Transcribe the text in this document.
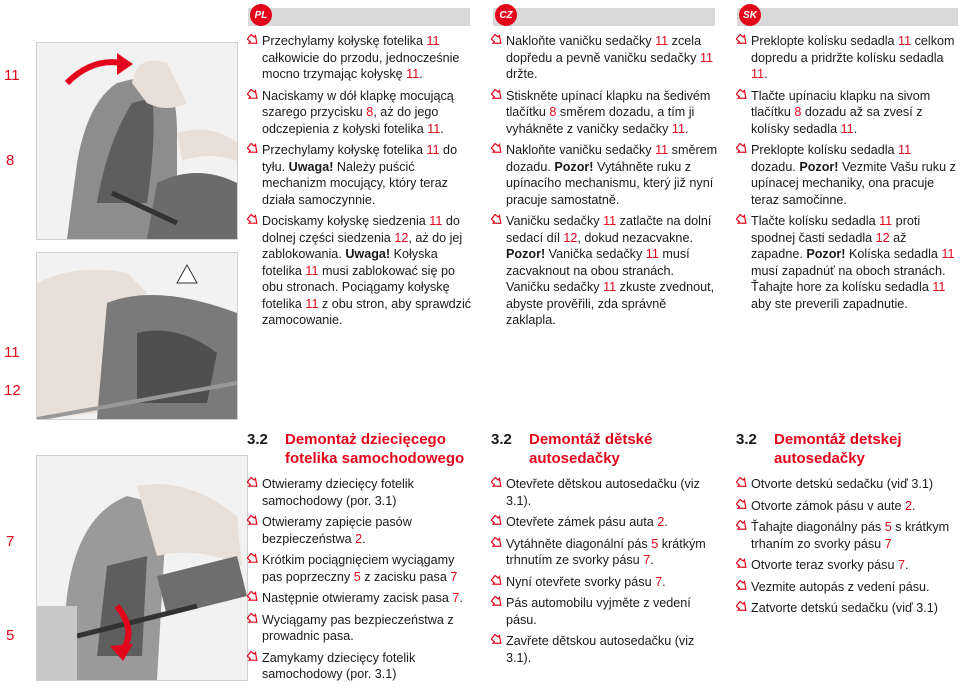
PL	CZ	SK
11
8
11
12
7
5
Przechylamy kołyskę fotelika 11 całkowicie do przodu, jednocześnie mocno trzymając kołyskę 11.
Naciskamy w dół klapkę mocującą szarego przycisku 8, aż do jego odczepienia z kołyski fotelika 11.
Przechylamy kołyskę fotelika 11 do tyłu. Uwaga! Należy puścić mechanizm mocujący, który teraz działa samoczynnie.
Dociskamy kołyskę siedzenia 11 do dolnej części siedzenia 12, aż do jej zablokowania. Uwaga! Kołyska fotelika 11 musi zablokować się po obu stronach. Pociągamy kołyskę fotelika 11 z obu stron, aby sprawdzić zamocowanie.
Nakloňte vaničku sedačky 11 zcela dopředu a pevně vaničku sedačky 11 držte.
Stiskněte upínací klapku na šedivém tlačítku 8 směrem dozadu, a tím ji vyhákněte z vaničky sedačky 11.
Nakloňte vaničku sedačky 11 směrem dozadu. Pozor! Vytáhněte ruku z upínacího mechanismu, který již nyní pracuje samostatně.
Vaničku sedačky 11 zatlačte na dolní sedací díl 12, dokud nezacvakne. Pozor! Vanička sedačky 11 musí zacvaknout na obou stranách. Vaničku sedačky 11 zkuste zvednout, abyste prověřili, zda správně zaklapla.
Preklopte kolísku sedadla 11 celkom dopredu a pridržte kolísku sedadla 11.
Tlačte upínaciu klapku na sivom tlačítku 8 dozadu až sa zvesí z kolísky sedadla 11.
Preklopte kolísku sedadla 11 dozadu. Pozor! Vezmite Vašu ruku z upínacej mechaniky, ona pracuje teraz samočinne.
Tlačte kolísku sedadla 11 proti spodnej časti sedadla 12 až zapadne. Pozor! Kolíska sedadla 11 musí zapadnúť na oboch stranách. Ťahajte hore za kolísku sedadla 11 aby ste preverili zapadnutie.
3.2 Demontaż dziecięcego fotelika samochodowego
Otwieramy dziecięcy fotelik samochodowy (por. 3.1)
Otwieramy zapięcie pasów bezpieczeństwa 2.
Krótkim pociągnięciem wyciągamy pas poprzeczny 5 z zacisku pasa 7
Następnie otwieramy zacisk pasa 7.
Wyciągamy pas bezpieczeństwa z prowadnic pasa.
Zamykamy dziecięcy fotelik samochodowy (por. 3.1)
3.2 Demontáž dětské autosedačky
Otevřete dětskou autosedačku (viz 3.1).
Otevřete zámek pásu auta 2.
Vytáhněte diagonální pás 5 krátkým trhnutím ze svorky pásu 7.
Nyní otevřete svorky pásu 7.
Pás automobilu vyjměte z vedení pásu.
Zavřete dětskou autosedačku (viz 3.1).
3.2 Demontáž detskej autosedačky
Otvorte detskú sedačku (viď 3.1)
Otvorte zámok pásu v aute 2.
Ťahajte diagonálny pás 5 s krátkym trhaním zo svorky pásu 7
Otvorte teraz svorky pásu 7.
Vezmite autopás z vedení pásu.
Zatvorte detskú sedačku (viď 3.1)
